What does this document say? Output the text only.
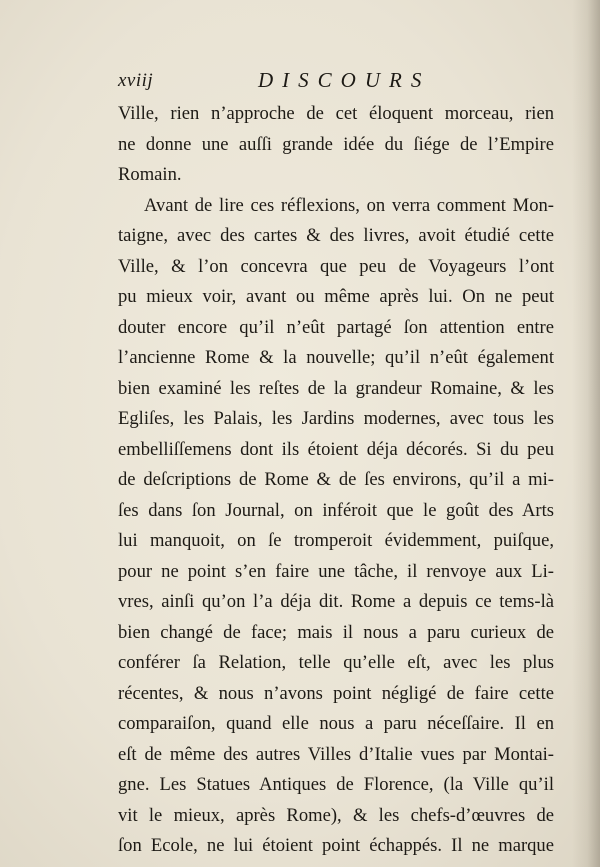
xviij	DISCOURS
Ville, rien n’approche de cet éloquent morceau, rien
ne donne une auſſi grande idée du ſiége de l’Empire
Romain.
Avant de lire ces réflexions, on verra comment Mon-
taigne, avec des cartes & des livres, avoit étudié cette
Ville, & l’on concevra que peu de Voyageurs l’ont
pu mieux voir, avant ou même après lui. On ne peut
douter encore qu’il n’eût partagé ſon attention entre
l’ancienne Rome & la nouvelle; qu’il n’eût également
bien examiné les reſtes de la grandeur Romaine, & les
Egliſes, les Palais, les Jardins modernes, avec tous les
embelliſſemens dont ils étoient déja décorés. Si du peu
de deſcriptions de Rome & de ſes environs, qu’il a mi-
ſes dans ſon Journal, on inféroit que le goût des Arts
lui manquoit, on ſe tromperoit évidemment, puiſque,
pour ne point s’en faire une tâche, il renvoye aux Li-
vres, ainſi qu’on l’a déja dit. Rome a depuis ce tems-là
bien changé de face; mais il nous a paru curieux de
conférer ſa Relation, telle qu’elle eſt, avec les plus
récentes, & nous n’avons point négligé de faire cette
comparaiſon, quand elle nous a paru néceſſaire. Il en
eſt de même des autres Villes d’Italie vues par Montai-
gne. Les Statues Antiques de Florence, (la Ville qu’il
vit le mieux, après Rome), & les chefs-d’œuvres de
ſon Ecole, ne lui étoient point échappés. Il ne marque
